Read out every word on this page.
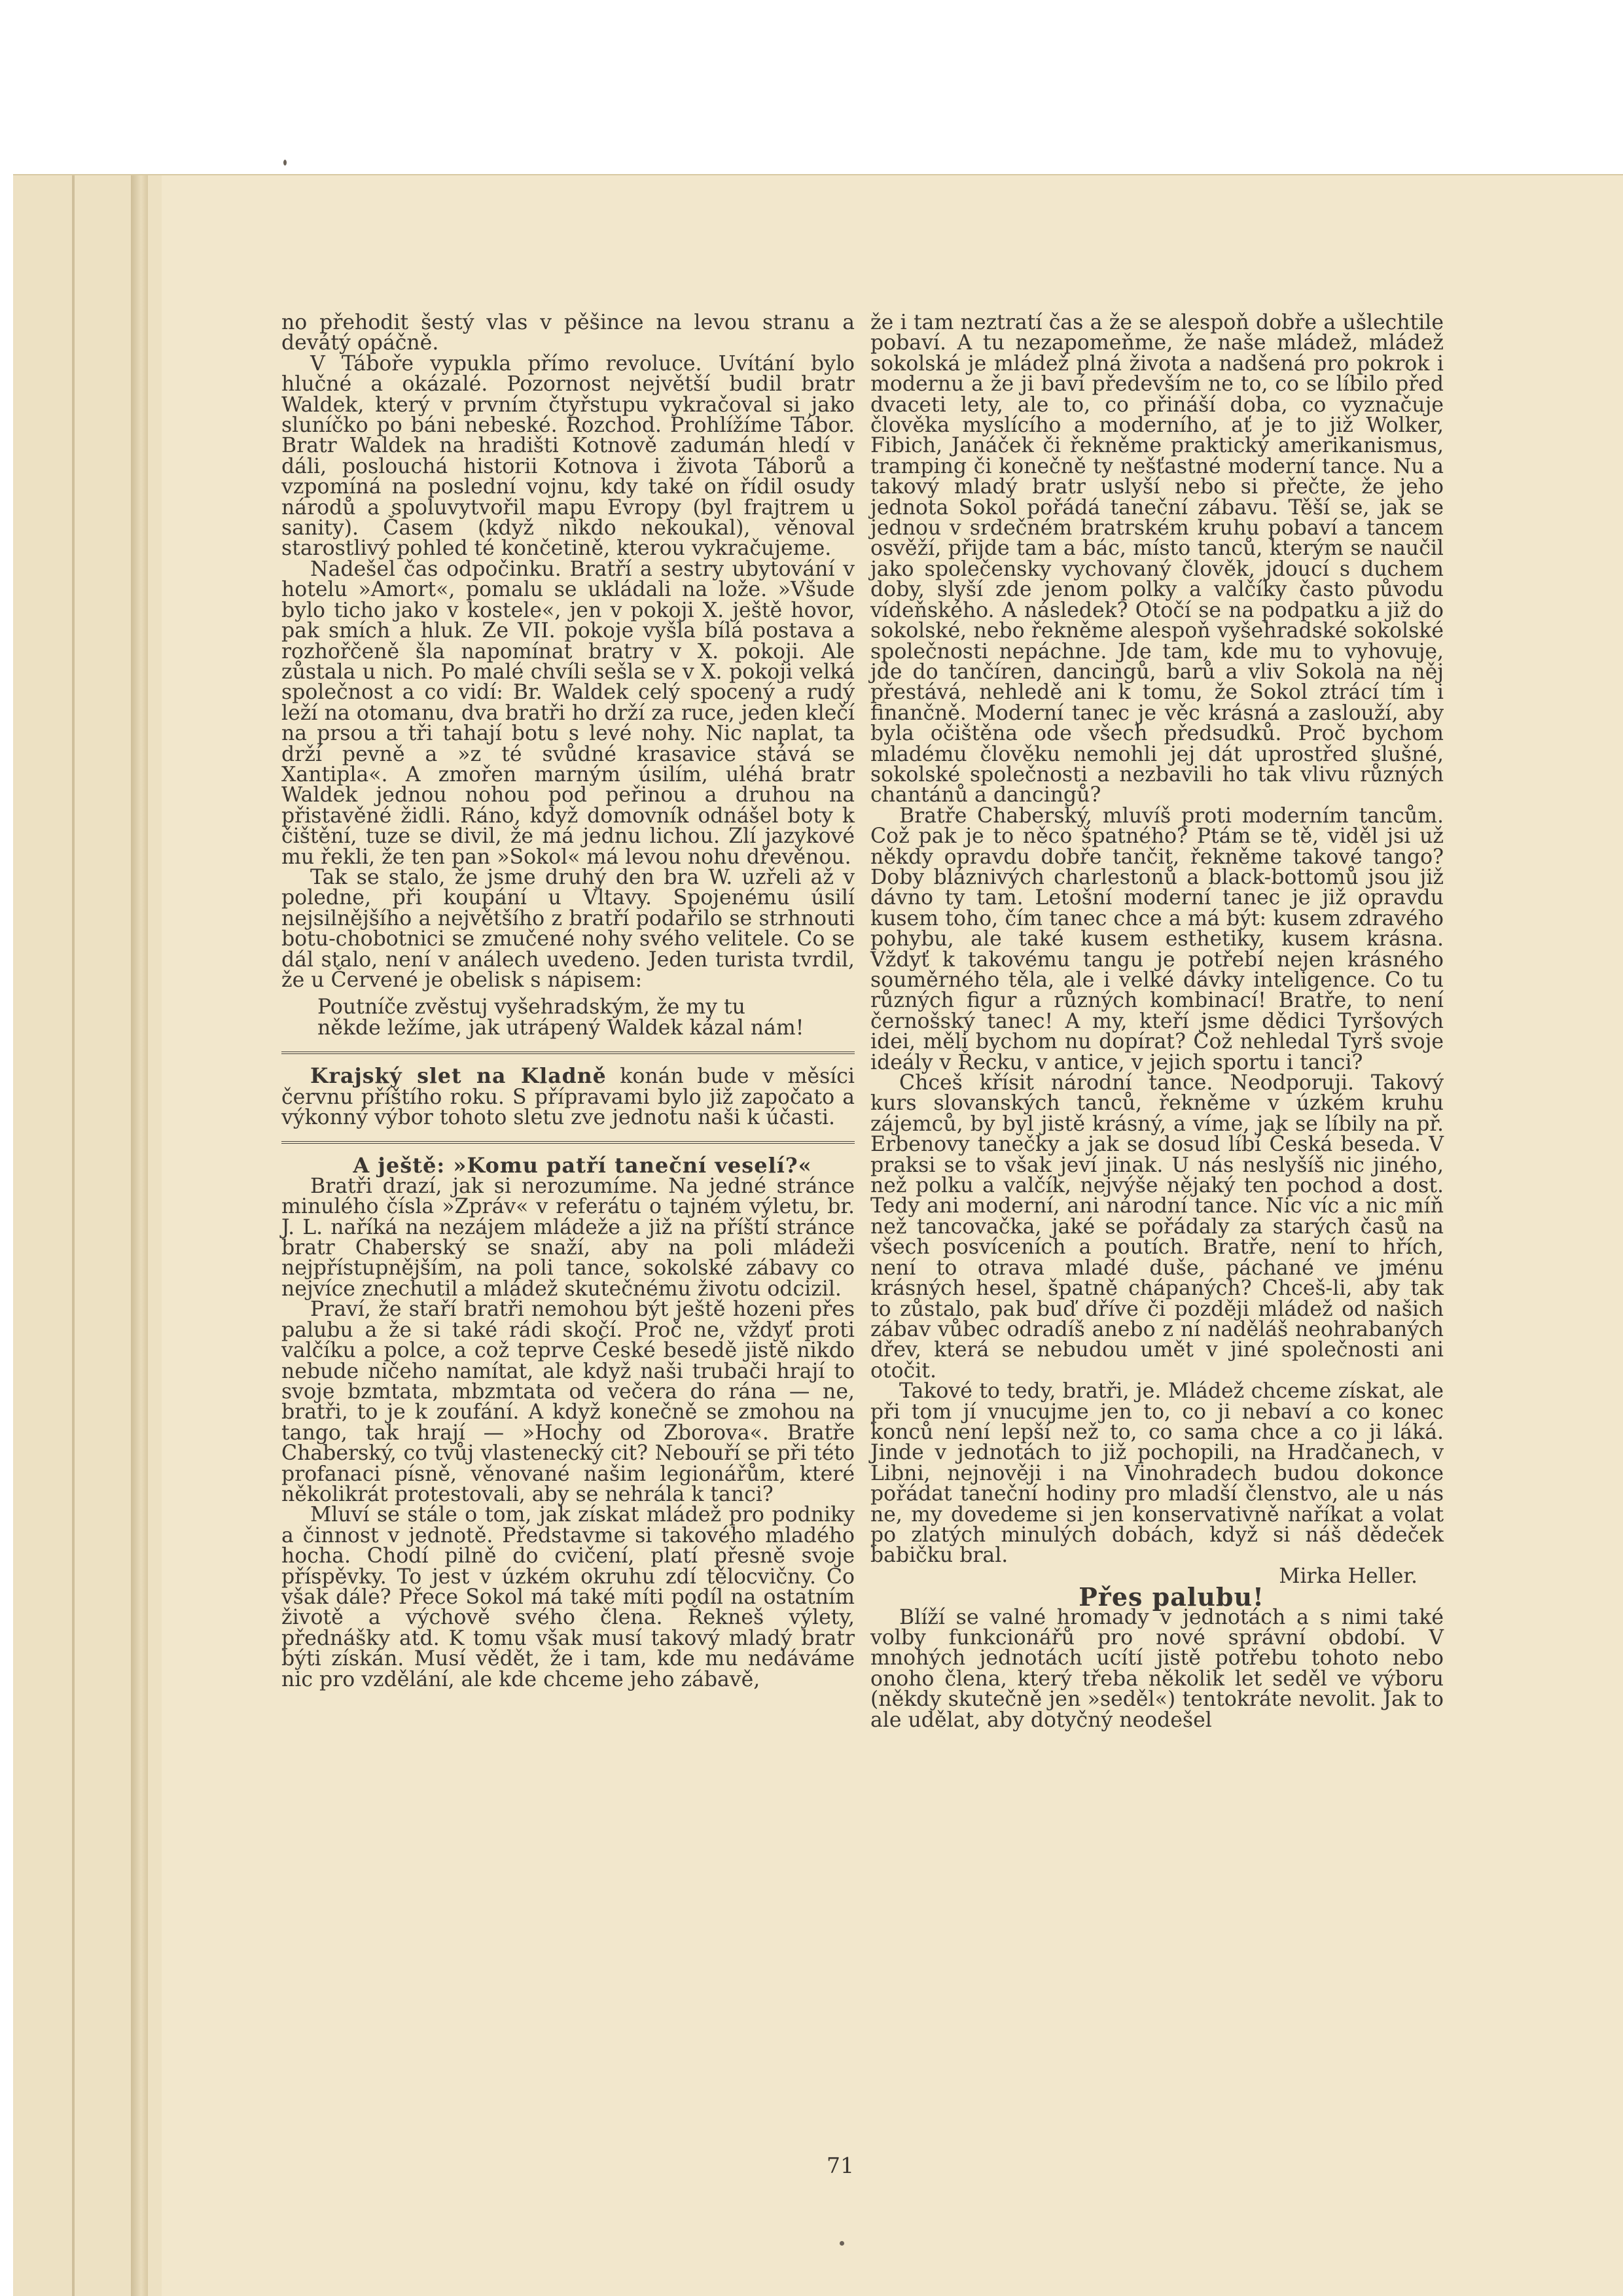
no přehodit šestý vlas v pěšince na levou stranu a devátý opáčně.

V Táboře vypukla přímo revoluce. Uvítání bylo hlučné a okázalé. Pozornost největší budil bratr Waldek, který v prvním čtyřstupu vykračoval si jako sluníčko po báni nebeské. Rozchod. Prohlížíme Tábor. Bratr Waldek na hradišti Kotnově zadumán hledí v dáli, poslouchá historii Kotnova i života Táborů a vzpomíná na poslední vojnu, kdy také on řídil osudy národů a spoluvytvořil mapu Evropy (byl frajtrem u sanity). Časem (když nikdo nekoukal), věnoval starostlivý pohled té končetině, kterou vykračujeme.

Nadešel čas odpočinku. Bratří a sestry ubytování v hotelu »Amort«, pomalu se ukládali na lože. »Všude bylo ticho jako v kostele«, jen v pokoji X. ještě hovor, pak smích a hluk. Ze VII. pokoje vyšla bílá postava a rozhořčeně šla napomínat bratry v X. pokoji. Ale zůstala u nich. Po malé chvíli sešla se v X. pokoji velká společnost a co vidí: Br. Waldek celý spocený a rudý leží na otomanu, dva bratři ho drží za ruce, jeden klečí na prsou a tři tahají botu s levé nohy. Nic naplat, ta drží pevně a »z té svůdné krasavice stává se Xantipla«. A zmořen marným úsilím, uléhá bratr Waldek jednou nohou pod peřinou a druhou na přistavěné židli. Ráno, když domovník odnášel boty k čištění, tuze se divil, že má jednu lichou. Zlí jazykové mu řekli, že ten pan »Sokol« má levou nohu dřevěnou.

Tak se stalo, že jsme druhý den bra W. uzřeli až v poledne, při koupání u Vltavy. Spojenému úsilí nejsilnějšího a největšího z bratří podařilo se strhnouti botu-chobotnici se zmučené nohy svého velitele. Co se dál stalo, není v análech uvedeno. Jeden turista tvrdil, že u Červené je obelisk s nápisem:

Poutníče zvěstuj vyšehradským, že my tu
někde ležíme, jak utrápený Waldek kázal nám!

Krajský slet na Kladně konán bude v měsíci červnu příštího roku. S přípravami bylo již započato a výkonný výbor tohoto sletu zve jednotu naši k účasti.

A ještě: »Komu patří taneční veselí?«

Bratři drazí, jak si nerozumíme. Na jedné stránce minulého čísla »Zpráv« v referátu o tajném výletu, br. J. L. naříká na nezájem mládeže a již na příští stránce bratr Chaberský se snaží, aby na poli mládeži nejpřístupnějším, na poli tance, sokolské zábavy co nejvíce znechutil a mládež skutečnému životu odcizil.

Praví, že staří bratři nemohou být ještě hozeni přes palubu a že si také rádi skočí. Proč ne, vždyť proti valčíku a polce, a což teprve České besedě jistě nikdo nebude ničeho namítat, ale když naši trubači hrají to svoje bzmtata, mbzmtata od večera do rána — ne, bratři, to je k zoufání. A když konečně se zmohou na tango, tak hrají — »Hochy od Zborova«. Bratře Chaberský, co tvůj vlastenecký cit? Nebouří se při této profanaci písně, věnované našim legionářům, které několikrát protestovali, aby se nehrála k tanci?

Mluví se stále o tom, jak získat mládež pro podniky a činnost v jednotě. Představme si takového mladého hocha. Chodí pilně do cvičení, platí přesně svoje příspěvky. To jest v úzkém okruhu zdí tělocvičny. Co však dále? Přece Sokol má také míti podíl na ostatním životě a výchově svého člena. Řekneš výlety, přednášky atd. K tomu však musí takový mladý bratr býti získán. Musí vědět, že i tam, kde mu nedáváme nic pro vzdělání, ale kde chceme jeho zábavě,

že i tam neztratí čas a že se alespoň dobře a ušlechtile pobaví. A tu nezapomeňme, že naše mládež, mládež sokolská je mládež plná života a nadšená pro pokrok i modernu a že ji baví především ne to, co se líbilo před dvaceti lety, ale to, co přináší doba, co vyznačuje člověka myslícího a moderního, ať je to již Wolker, Fibich, Janáček či řekněme praktický amerikanismus, tramping či konečně ty nešťastné moderní tance. Nu a takový mladý bratr uslyší nebo si přečte, že jeho jednota Sokol pořádá taneční zábavu. Těší se, jak se jednou v srdečném bratrském kruhu pobaví a tancem osvěží, přijde tam a bác, místo tanců, kterým se naučil jako společensky vychovaný člověk, jdoucí s duchem doby, slyší zde jenom polky a valčíky často původu vídeňského. A následek? Otočí se na podpatku a již do sokolské, nebo řekněme alespoň vyšehradské sokolské společnosti nepáchne. Jde tam, kde mu to vyhovuje, jde do tančíren, dancingů, barů a vliv Sokola na něj přestává, nehledě ani k tomu, že Sokol ztrácí tím i finančně. Moderní tanec je věc krásná a zaslouží, aby byla očištěna ode všech předsudků. Proč bychom mladému člověku nemohli jej dát uprostřed slušné, sokolské společnosti a nezbavili ho tak vlivu různých chantánů a dancingů?

Bratře Chaberský, mluvíš proti moderním tancům. Což pak je to něco špatného? Ptám se tě, viděl jsi už někdy opravdu dobře tančit, řekněme takové tango? Doby bláznivých charlestonů a black-bottomů jsou již dávno ty tam. Letošní moderní tanec je již opravdu kusem toho, čím tanec chce a má být: kusem zdravého pohybu, ale také kusem esthetiky, kusem krásna. Vždyť k takovému tangu je potřebí nejen krásného souměrného těla, ale i velké dávky inteligence. Co tu různých figur a různých kombinací! Bratře, to není černošský tanec! A my, kteří jsme dědici Tyršových idei, měli bychom nu dopírat? Což nehledal Tyrš svoje ideály v Řecku, v antice, v jejich sportu i tanci?

Chceš křísit národní tance. Neodporuji. Takový kurs slovanských tanců, řekněme v úzkém kruhu zájemců, by byl jistě krásný, a víme, jak se líbily na př. Erbenovy tanečky a jak se dosud líbí Česká beseda. V praksi se to však jeví jinak. U nás neslyšíš nic jiného, než polku a valčík, nejvýše nějaký ten pochod a dost. Tedy ani moderní, ani národní tance. Nic víc a nic míň než tancovačka, jaké se pořádaly za starých časů na všech posvíceních a poutích. Bratře, není to hřích, není to otrava mladé duše, páchané ve jménu krásných hesel, špatně chápaných? Chceš-li, aby tak to zůstalo, pak buď dříve či později mládež od našich zábav vůbec odradíš anebo z ní naděláš neohrabaných dřev, která se nebudou umět v jiné společnosti ani otočit.

Takové to tedy, bratři, je. Mládež chceme získat, ale při tom jí vnucujme jen to, co ji nebaví a co konec konců není lepší než to, co sama chce a co ji láká. Jinde v jednotách to již pochopili, na Hradčanech, v Libni, nejnověji i na Vinohradech budou dokonce pořádat taneční hodiny pro mladší členstvo, ale u nás ne, my dovedeme si jen konservativně naříkat a volat po zlatých minulých dobách, když si náš dědeček babičku bral.

Mirka Heller.

Přes palubu!

Blíží se valné hromady v jednotách a s nimi také volby funkcionářů pro nové správní období. V mnohých jednotách ucítí jistě potřebu tohoto nebo onoho člena, který třeba několik let seděl ve výboru (někdy skutečně jen »seděl«) tentokráte nevolit. Jak to ale udělat, aby dotyčný neodešel

71
